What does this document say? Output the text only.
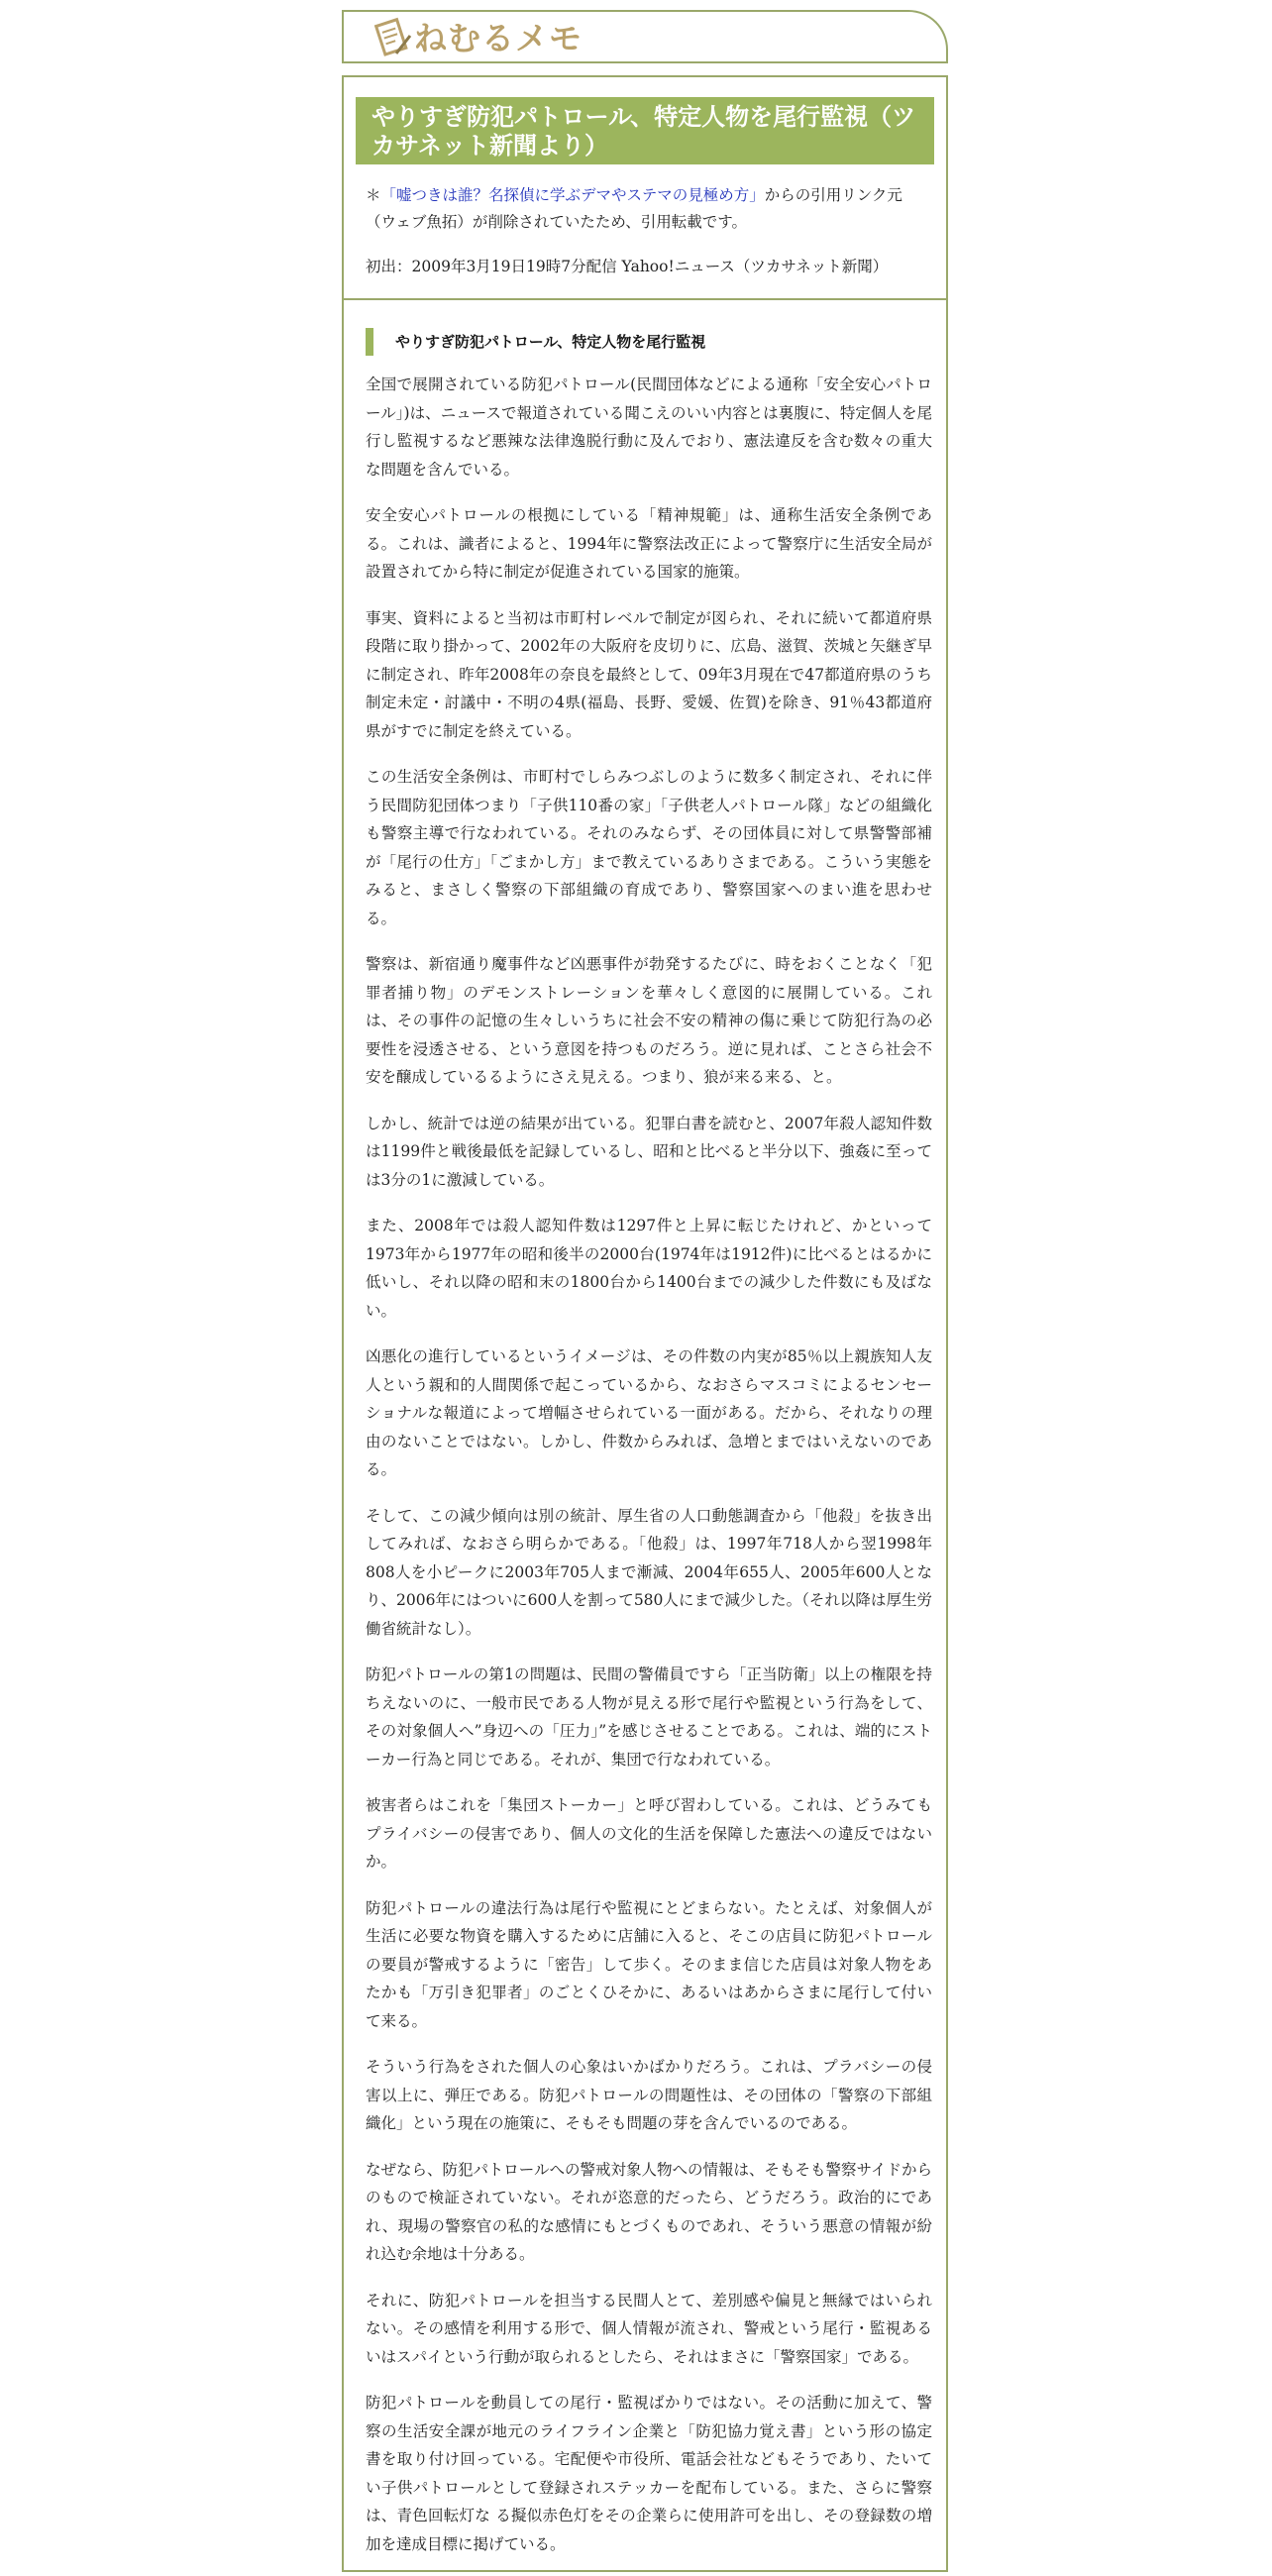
ねむるメモ
やりすぎ防犯パトロール、特定人物を尾行監視（ツカサネット新聞より）
＊「嘘つきは誰？名探偵に学ぶデマやステマの見極め方」からの引用リンク元（ウェブ魚拓）が削除されていたため、引用転載です。
初出：2009年3月19日19時7分配信 Yahoo!ニュース（ツカサネット新聞）
やりすぎ防犯パトロール、特定人物を尾行監視

全国で展開されている防犯パトロール(民間団体などによる通称「安全安心パトロール」)は、ニュースで報道されている聞こえのいい内容とは裏腹に、特定個人を尾行し監視するなど悪辣な法律逸脱行動に及んでおり、憲法違反を含む数々の重大な問題を含んでいる。

安全安心パトロールの根拠にしている「精神規範」は、通称生活安全条例である。これは、識者によると、1994年に警察法改正によって警察庁に生活安全局が設置されてから特に制定が促進されている国家的施策。

事実、資料によると当初は市町村レベルで制定が図られ、それに続いて都道府県段階に取り掛かって、2002年の大阪府を皮切りに、広島、滋賀、茨城と矢継ぎ早に制定され、昨年2008年の奈良を最終として、09年3月現在で47都道府県のうち制定未定・討議中・不明の4県(福島、長野、愛媛、佐賀)を除き、91％43都道府県がすでに制定を終えている。

この生活安全条例は、市町村でしらみつぶしのように数多く制定され、それに伴う民間防犯団体つまり「子供110番の家」「子供老人パトロール隊」などの組織化も警察主導で行なわれている。それのみならず、その団体員に対して県警警部補が「尾行の仕方」「ごまかし方」まで教えているありさまである。こういう実態をみると、まさしく警察の下部組織の育成であり、警察国家へのまい進を思わせる。

警察は、新宿通り魔事件など凶悪事件が勃発するたびに、時をおくことなく「犯罪者捕り物」のデモンストレーションを華々しく意図的に展開している。これは、その事件の記憶の生々しいうちに社会不安の精神の傷に乗じて防犯行為の必要性を浸透させる、という意図を持つものだろう。逆に見れば、ことさら社会不安を醸成しているるようにさえ見える。つまり、狼が来る来る、と。

しかし、統計では逆の結果が出ている。犯罪白書を読むと、2007年殺人認知件数は1199件と戦後最低を記録しているし、昭和と比べると半分以下、強姦に至っては3分の1に激減している。

また、2008年では殺人認知件数は1297件と上昇に転じたけれど、かといって1973年から1977年の昭和後半の2000台(1974年は1912件)に比べるとはるかに低いし、それ以降の昭和末の1800台から1400台までの減少した件数にも及ばない。

凶悪化の進行しているというイメージは、その件数の内実が85％以上親族知人友人という親和的人間関係で起こっているから、なおさらマスコミによるセンセーショナルな報道によって増幅させられている一面がある。だから、それなりの理由のないことではない。しかし、件数からみれば、急増とまではいえないのである。

そして、この減少傾向は別の統計、厚生省の人口動態調査から「他殺」を抜き出してみれば、なおさら明らかである。「他殺」は、1997年718人から翌1998年808人を小ピークに2003年705人まで漸減、2004年655人、2005年600人となり、2006年にはついに600人を割って580人にまで減少した。（それ以降は厚生労働省統計なし）。

防犯パトロールの第1の問題は、民間の警備員ですら「正当防衛」以上の権限を持ちえないのに、一般市民である人物が見える形で尾行や監視という行為をして、その対象個人へ”身辺への「圧力」”を感じさせることである。これは、端的にストーカー行為と同じである。それが、集団で行なわれている。

被害者らはこれを「集団ストーカー」と呼び習わしている。これは、どうみてもプライバシーの侵害であり、個人の文化的生活を保障した憲法への違反ではないか。

防犯パトロールの違法行為は尾行や監視にとどまらない。たとえば、対象個人が生活に必要な物資を購入するために店舗に入ると、そこの店員に防犯パトロールの要員が警戒するように「密告」して歩く。そのまま信じた店員は対象人物をあたかも「万引き犯罪者」のごとくひそかに、あるいはあからさまに尾行して付いて来る。

そういう行為をされた個人の心象はいかばかりだろう。これは、プラバシーの侵害以上に、弾圧である。防犯パトロールの問題性は、その団体の「警察の下部組織化」という現在の施策に、そもそも問題の芽を含んでいるのである。

なぜなら、防犯パトロールへの警戒対象人物への情報は、そもそも警察サイドからのもので検証されていない。それが恣意的だったら、どうだろう。政治的にであれ、現場の警察官の私的な感情にもとづくものであれ、そういう悪意の情報が紛れ込む余地は十分ある。

それに、防犯パトロールを担当する民間人とて、差別感や偏見と無縁ではいられない。その感情を利用する形で、個人情報が流され、警戒という尾行・監視あるいはスパイという行動が取られるとしたら、それはまさに「警察国家」である。

防犯パトロールを動員しての尾行・監視ばかりではない。その活動に加えて、警察の生活安全課が地元のライフライン企業と「防犯協力覚え書」という形の協定書を取り付け回っている。宅配便や市役所、電話会社などもそうであり、たいてい子供パトロールとして登録されステッカーを配布している。また、さらに警察は、青色回転灯な る擬似赤色灯をその企業らに使用許可を出し、その登録数の増加を達成目標に掲げている。
